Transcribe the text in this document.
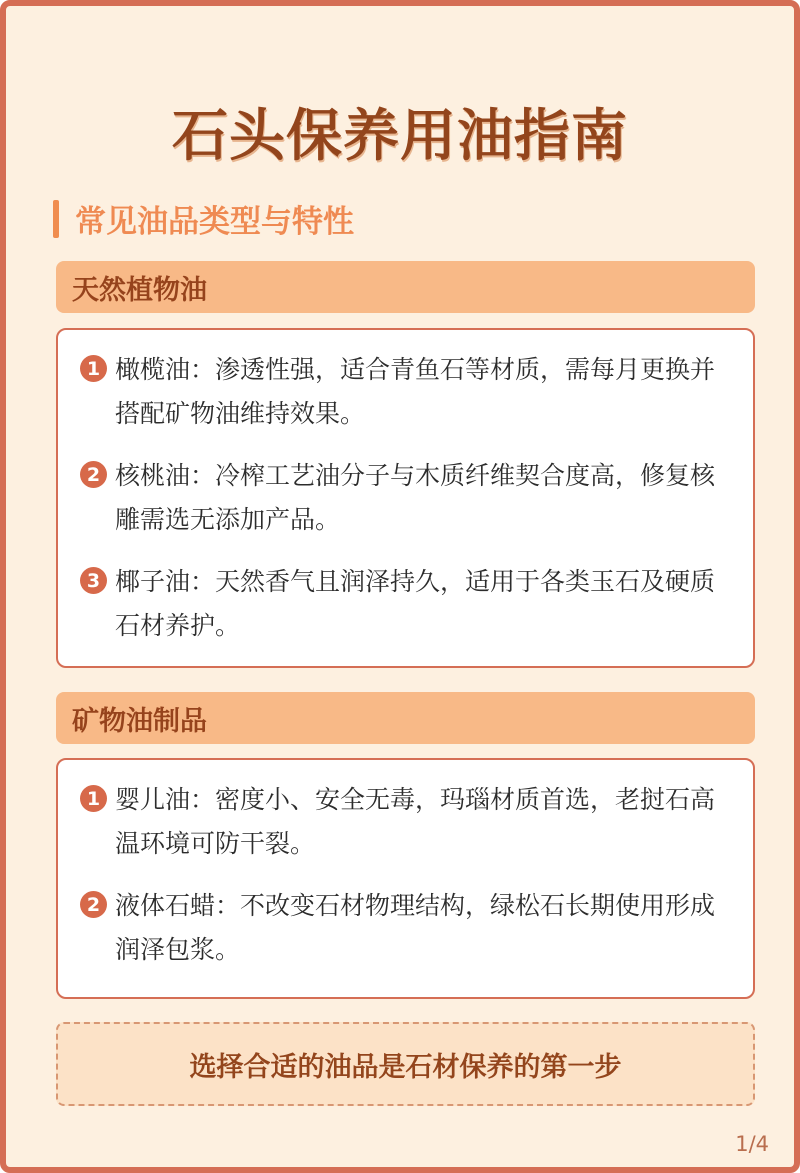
石头保养用油指南
常见油品类型与特性
天然植物油
1 橄榄油：渗透性强，适合青鱼石等材质，需每月更换并搭配矿物油维持效果。
2 核桃油：冷榨工艺油分子与木质纤维契合度高，修复核雕需选无添加产品。
3 椰子油：天然香气且润泽持久，适用于各类玉石及硬质石材养护。
矿物油制品
1 婴儿油：密度小、安全无毒，玛瑙材质首选，老挝石高温环境可防干裂。
2 液体石蜡：不改变石材物理结构，绿松石长期使用形成润泽包浆。
选择合适的油品是石材保养的第一步
1/4
